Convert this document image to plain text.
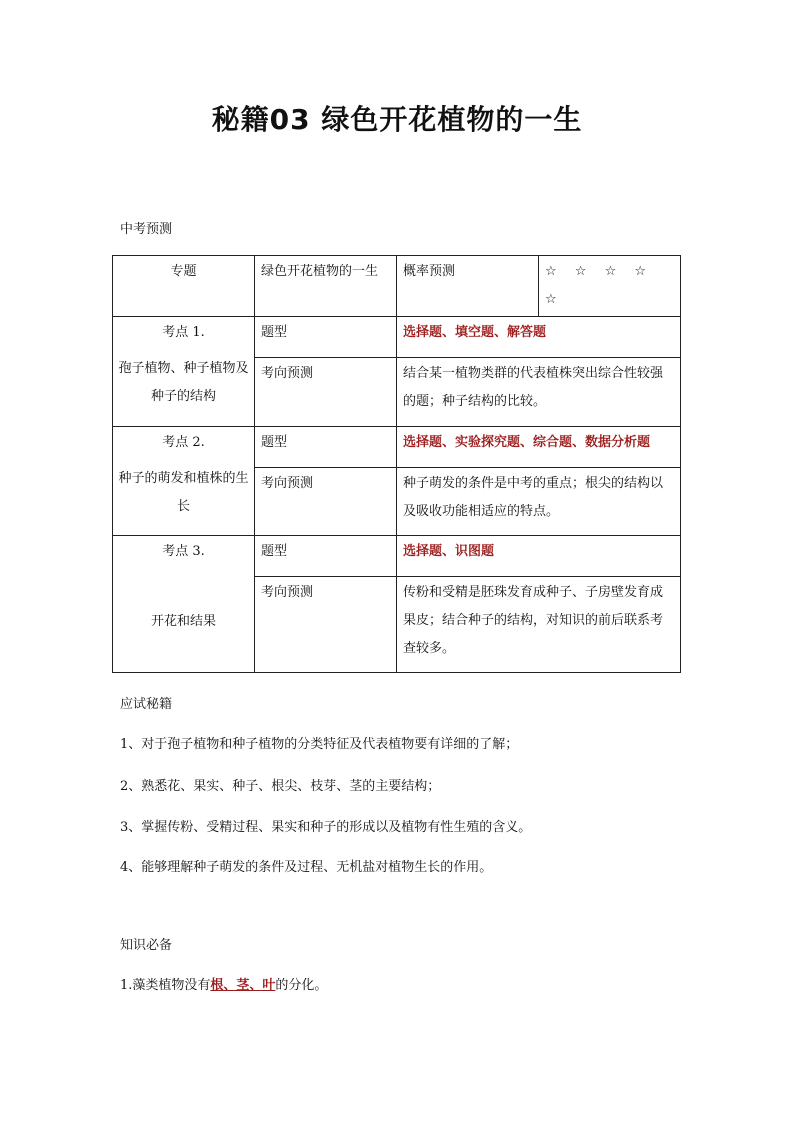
秘籍03 绿色开花植物的一生
中考预测
专题	绿色开花植物的一生	概率预测	☆ ☆ ☆ ☆ ☆

考点 1.
孢子植物、种子植物及种子的结构	题型	选择题、填空题、解答题	
	考向预测	结合某一植物类群的代表植株突出综合性较强的题；种子结构的比较。	

考点 2.
种子的萌发和植株的生长	题型	选择题、实验探究题、综合题、数据分析题	
	考向预测	种子萌发的条件是中考的重点；根尖的结构以及吸收功能相适应的特点。	

考点 3.
开花和结果	题型	选择题、识图题	
	考向预测	传粉和受精是胚珠发育成种子、子房壁发育成果皮；结合种子的结构，对知识的前后联系考查较多。	
应试秘籍
1、对于孢子植物和种子植物的分类特征及代表植物要有详细的了解；
2、熟悉花、果实、种子、根尖、枝芽、茎的主要结构；
3、掌握传粉、受精过程、果实和种子的形成以及植物有性生殖的含义。
4、能够理解种子萌发的条件及过程、无机盐对植物生长的作用。
知识必备
1.藻类植物没有根、茎、叶的分化。
